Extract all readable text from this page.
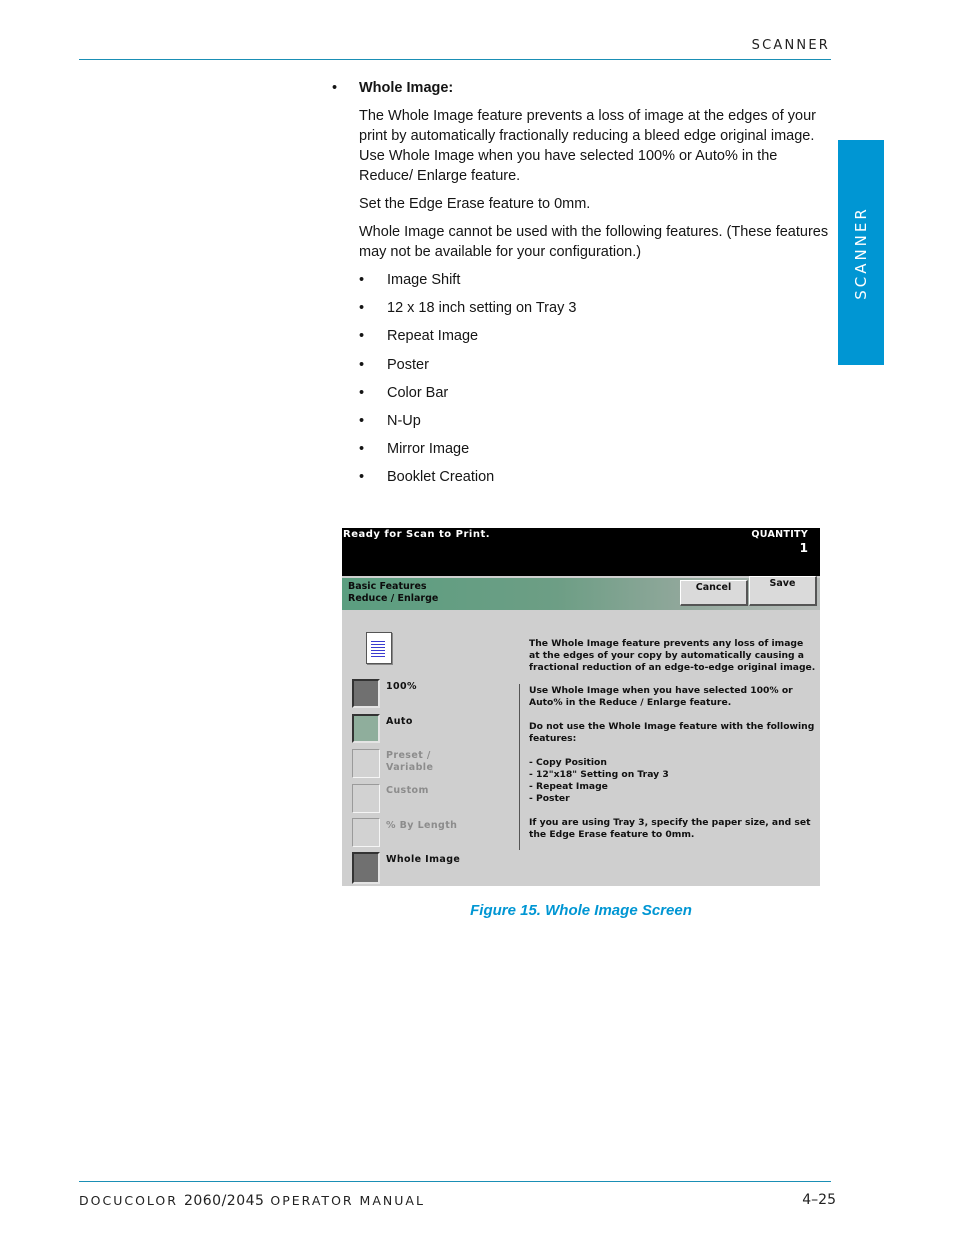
SCANNER
SCANNER
• Whole Image:
The Whole Image feature prevents a loss of image at the edges of your print by automatically fractionally reducing a bleed edge original image. Use Whole Image when you have selected 100% or Auto% in the Reduce/ Enlarge feature.
Set the Edge Erase feature to 0mm.
Whole Image cannot be used with the following features. (These features may not be available for your configuration.)
• Image Shift
• 12 x 18 inch setting on Tray 3
• Repeat Image
• Poster
• Color Bar
• N-Up
• Mirror Image
• Booklet Creation
Ready for Scan to Print.	QUANTITY
1
Basic Features
Reduce / Enlarge
Cancel	Save
100%
Auto
Preset /
Variable
Custom
% By Length
Whole Image
The Whole Image feature prevents any loss of image at the edges of your copy by automatically causing a fractional reduction of an edge-to-edge original image.
Use Whole Image when you have selected 100% or Auto% in the Reduce / Enlarge feature.
Do not use the Whole Image feature with the following features:
- Copy Position
- 12"x18" Setting on Tray 3
- Repeat Image
- Poster
If you are using Tray 3, specify the paper size, and set the Edge Erase feature to 0mm.
Figure 15. Whole Image Screen
DOCUCOLOR 2060/2045 OPERATOR MANUAL	4–25
